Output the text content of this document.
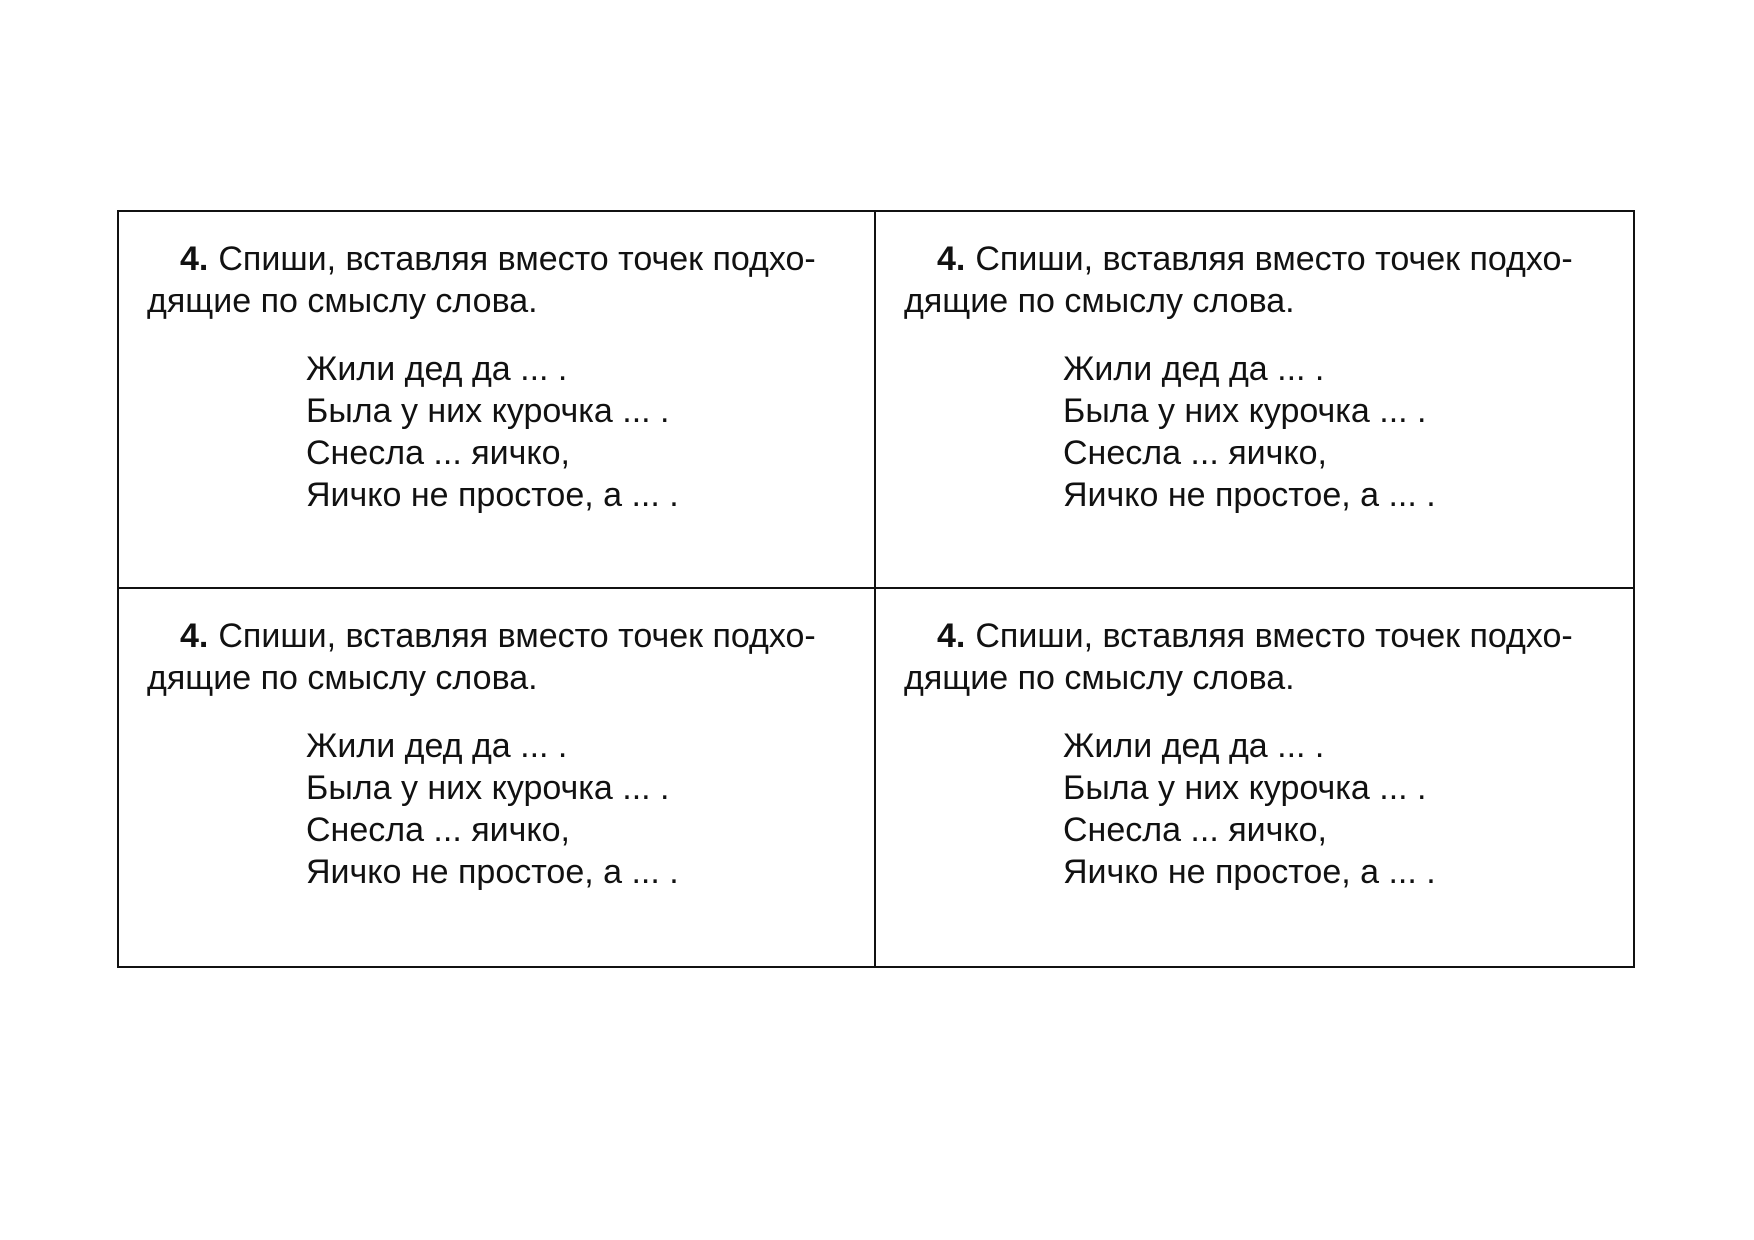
4. Спиши, вставляя вместо точек подхо-
дящие по смыслу слова.
Жили дед да ... .
Была у них курочка ... .
Снесла ... яичко,
Яичко не простое, а ... .
4. Спиши, вставляя вместо точек подхо-
дящие по смыслу слова.
Жили дед да ... .
Была у них курочка ... .
Снесла ... яичко,
Яичко не простое, а ... .
4. Спиши, вставляя вместо точек подхо-
дящие по смыслу слова.
Жили дед да ... .
Была у них курочка ... .
Снесла ... яичко,
Яичко не простое, а ... .
4. Спиши, вставляя вместо точек подхо-
дящие по смыслу слова.
Жили дед да ... .
Была у них курочка ... .
Снесла ... яичко,
Яичко не простое, а ... .
